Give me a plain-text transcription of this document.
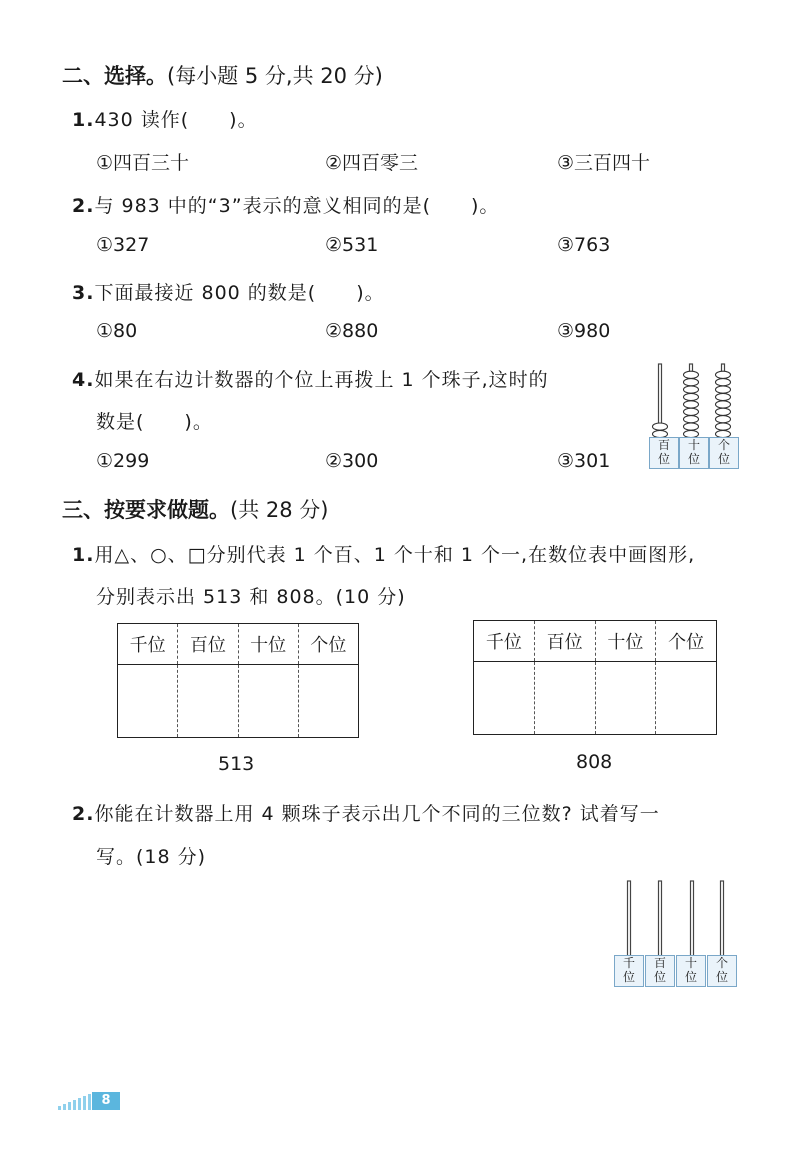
二、选择。(每小题 5 分,共 20 分)
1.430 读作(　　)。
①四百三十	②四百零三	③三百四十
2.与 983 中的“3”表示的意义相同的是(　　)。
①327	②531	③763
3.下面最接近 800 的数是(　　)。
①80	②880	③980
4.如果在右边计数器的个位上再拨上 1 个珠子,这时的
数是(　　)。
①299	②300	③301
百
位
十
位
个
位
三、按要求做题。(共 28 分)
1.用△、○、□分别代表 1 个百、1 个十和 1 个一,在数位表中画图形,
分别表示出 513 和 808。(10 分)
千位	百位	十位	个位

513
千位	百位	十位	个位

808
2.你能在计数器上用 4 颗珠子表示出几个不同的三位数? 试着写一
写。(18 分)
千
位
百
位
十
位
个
位
8
